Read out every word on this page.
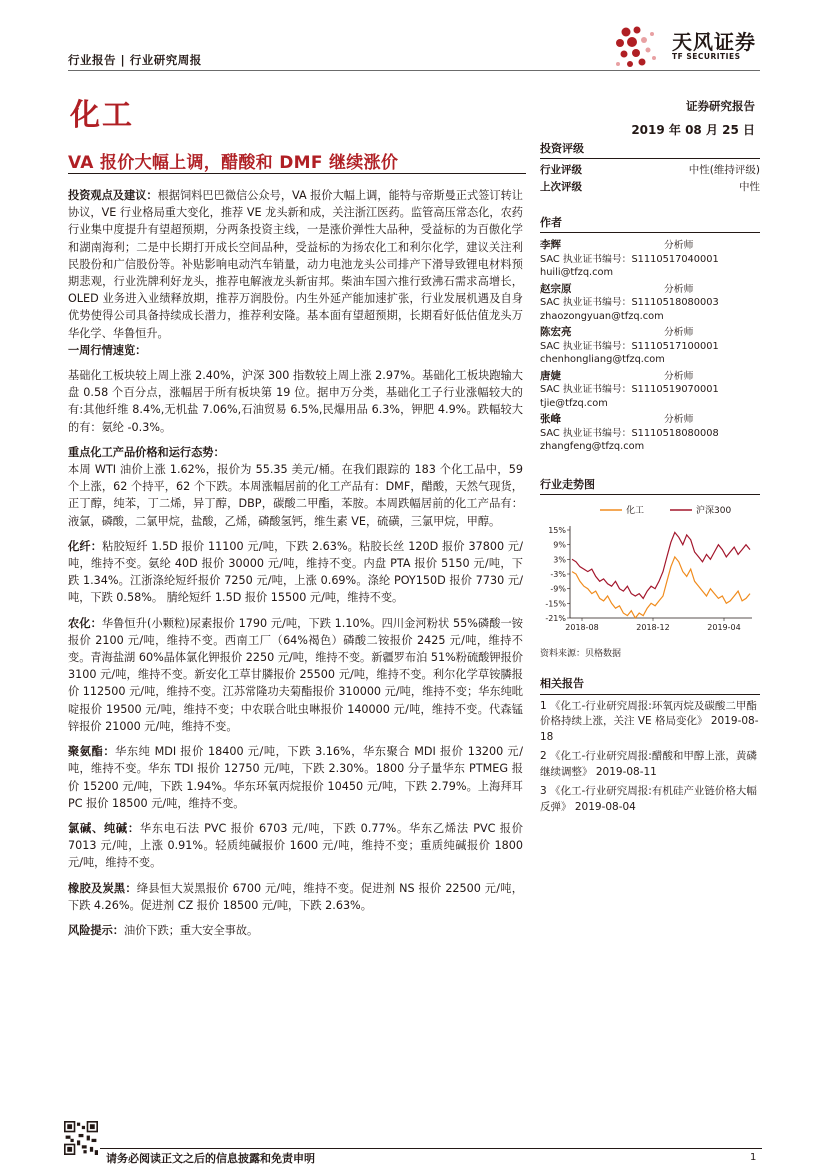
行业报告 | 行业研究周报
天风证券
TF SECURITIES
化工	证券研究报告
2019 年 08 月 25 日
VA 报价大幅上调，醋酸和 DMF 继续涨价

投资观点及建议：根据饲料巴巴微信公众号，VA 报价大幅上调，能特与帝斯曼正式签订转让协议，VE 行业格局重大变化，推荐 VE 龙头新和成，关注浙江医药。监管高压常态化，农药行业集中度提升有望超预期，分两条投资主线，一是涨价弹性大品种，受益标的为百傲化学和湖南海利；二是中长期打开成长空间品种，受益标的为扬农化工和利尔化学，建议关注利民股份和广信股份等。补贴影响电动汽车销量，动力电池龙头公司排产下滑导致锂电材料预期悲观，行业洗牌利好龙头，推荐电解液龙头新宙邦。柴油车国六推行致沸石需求高增长，OLED 业务进入业绩释放期，推荐万润股份。内生外延产能加速扩张，行业发展机遇及自身优势使得公司具备持续成长潜力，推荐利安隆。基本面有望超预期，长期看好低估值龙头万华化学、华鲁恒升。
一周行情速览：

基础化工板块较上周上涨 2.40%，沪深 300 指数较上周上涨 2.97%。基础化工板块跑输大盘 0.58 个百分点，涨幅居于所有板块第 19 位。据申万分类，基础化工子行业涨幅较大的有:其他纤维 8.4%,无机盐 7.06%,石油贸易 6.5%,民爆用品 6.3%，钾肥 4.9%。跌幅较大的有：氨纶 -0.3%。

重点化工产品价格和运行态势：
本周 WTI 油价上涨 1.62%，报价为 55.35 美元/桶。在我们跟踪的 183 个化工品中，59 个上涨，62 个持平，62 个下跌。本周涨幅居前的化工产品有：DMF，醋酸，天然气现货，正丁醇，纯苯，丁二烯，异丁醇，DBP，碳酸二甲酯，苯胺。本周跌幅居前的化工产品有：液氯，磷酸，二氯甲烷，盐酸，乙烯，磷酸氢钙，维生素 VE，硫磺，三氯甲烷，甲醇。

化纤：粘胶短纤 1.5D 报价 11100 元/吨，下跌 2.63%。粘胶长丝 120D 报价 37800 元/吨，维持不变。氨纶 40D 报价 30000 元/吨，维持不变。内盘 PTA 报价 5150 元/吨，下跌 1.34%。江浙涤纶短纤报价 7250 元/吨，上涨 0.69%。涤纶 POY150D 报价 7730 元/吨，下跌 0.58%。 腈纶短纤 1.5D 报价 15500 元/吨，维持不变。

农化：华鲁恒升(小颗粒)尿素报价 1790 元/吨，下跌 1.10%。四川金河粉状 55%磷酸一铵报价 2100 元/吨，维持不变。西南工厂（64%褐色）磷酸二铵报价 2425 元/吨，维持不变。青海盐湖 60%晶体氯化钾报价 2250 元/吨，维持不变。新疆罗布泊 51%粉硫酸钾报价 3100 元/吨，维持不变。新安化工草甘膦报价 25500 元/吨，维持不变。利尔化学草铵膦报价 112500 元/吨，维持不变。江苏常隆功夫菊酯报价 310000 元/吨，维持不变；华东纯吡啶报价 19500 元/吨，维持不变；中农联合吡虫啉报价 140000 元/吨，维持不变。代森锰锌报价 21000 元/吨，维持不变。

聚氨酯：华东纯 MDI 报价 18400 元/吨，下跌 3.16%，华东聚合 MDI 报价 13200 元/吨，维持不变。华东 TDI 报价 12750 元/吨，下跌 2.30%。1800 分子量华东 PTMEG 报价 15200 元/吨，下跌 1.94%。华东环氧丙烷报价 10450 元/吨，下跌 2.79%。上海拜耳 PC 报价 18500 元/吨，维持不变。

氯碱、纯碱：华东电石法 PVC 报价 6703 元/吨，下跌 0.77%。华东乙烯法 PVC 报价 7013 元/吨，上涨 0.91%。轻质纯碱报价 1600 元/吨，维持不变；重质纯碱报价 1800 元/吨，维持不变。

橡胶及炭黑：绛县恒大炭黑报价 6700 元/吨，维持不变。促进剂 NS 报价 22500 元/吨，下跌 4.26%。促进剂 CZ 报价 18500 元/吨，下跌 2.63%。

风险提示：油价下跌；重大安全事故。

投资评级
行业评级	中性(维持评级)
上次评级	中性
作者
李辉	分析师
SAC 执业证书编号：S1110517040001
huili@tfzq.com
赵宗原	分析师
SAC 执业证书编号：S1110518080003
zhaozongyuan@tfzq.com
陈宏亮	分析师
SAC 执业证书编号：S1110517100001
chenhongliang@tfzq.com
唐婕	分析师
SAC 执业证书编号：S1110519070001
tjie@tfzq.com
张峰	分析师
SAC 执业证书编号：S1110518080008
zhangfeng@tfzq.com
行业走势图
化工	沪深300
15%
9%
3%
-3%
-9%
-15%
-21%
2018-08	2018-12	2019-04
资料来源：贝格数据
相关报告
1 《化工-行业研究周报:环氧丙烷及碳酸二甲酯价格持续上涨，关注 VE 格局变化》 2019-08-18
2 《化工-行业研究周报:醋酸和甲醇上涨，黄磷继续调整》 2019-08-11
3 《化工-行业研究周报:有机硅产业链价格大幅反弹》 2019-08-04
请务必阅读正文之后的信息披露和免责申明	1
